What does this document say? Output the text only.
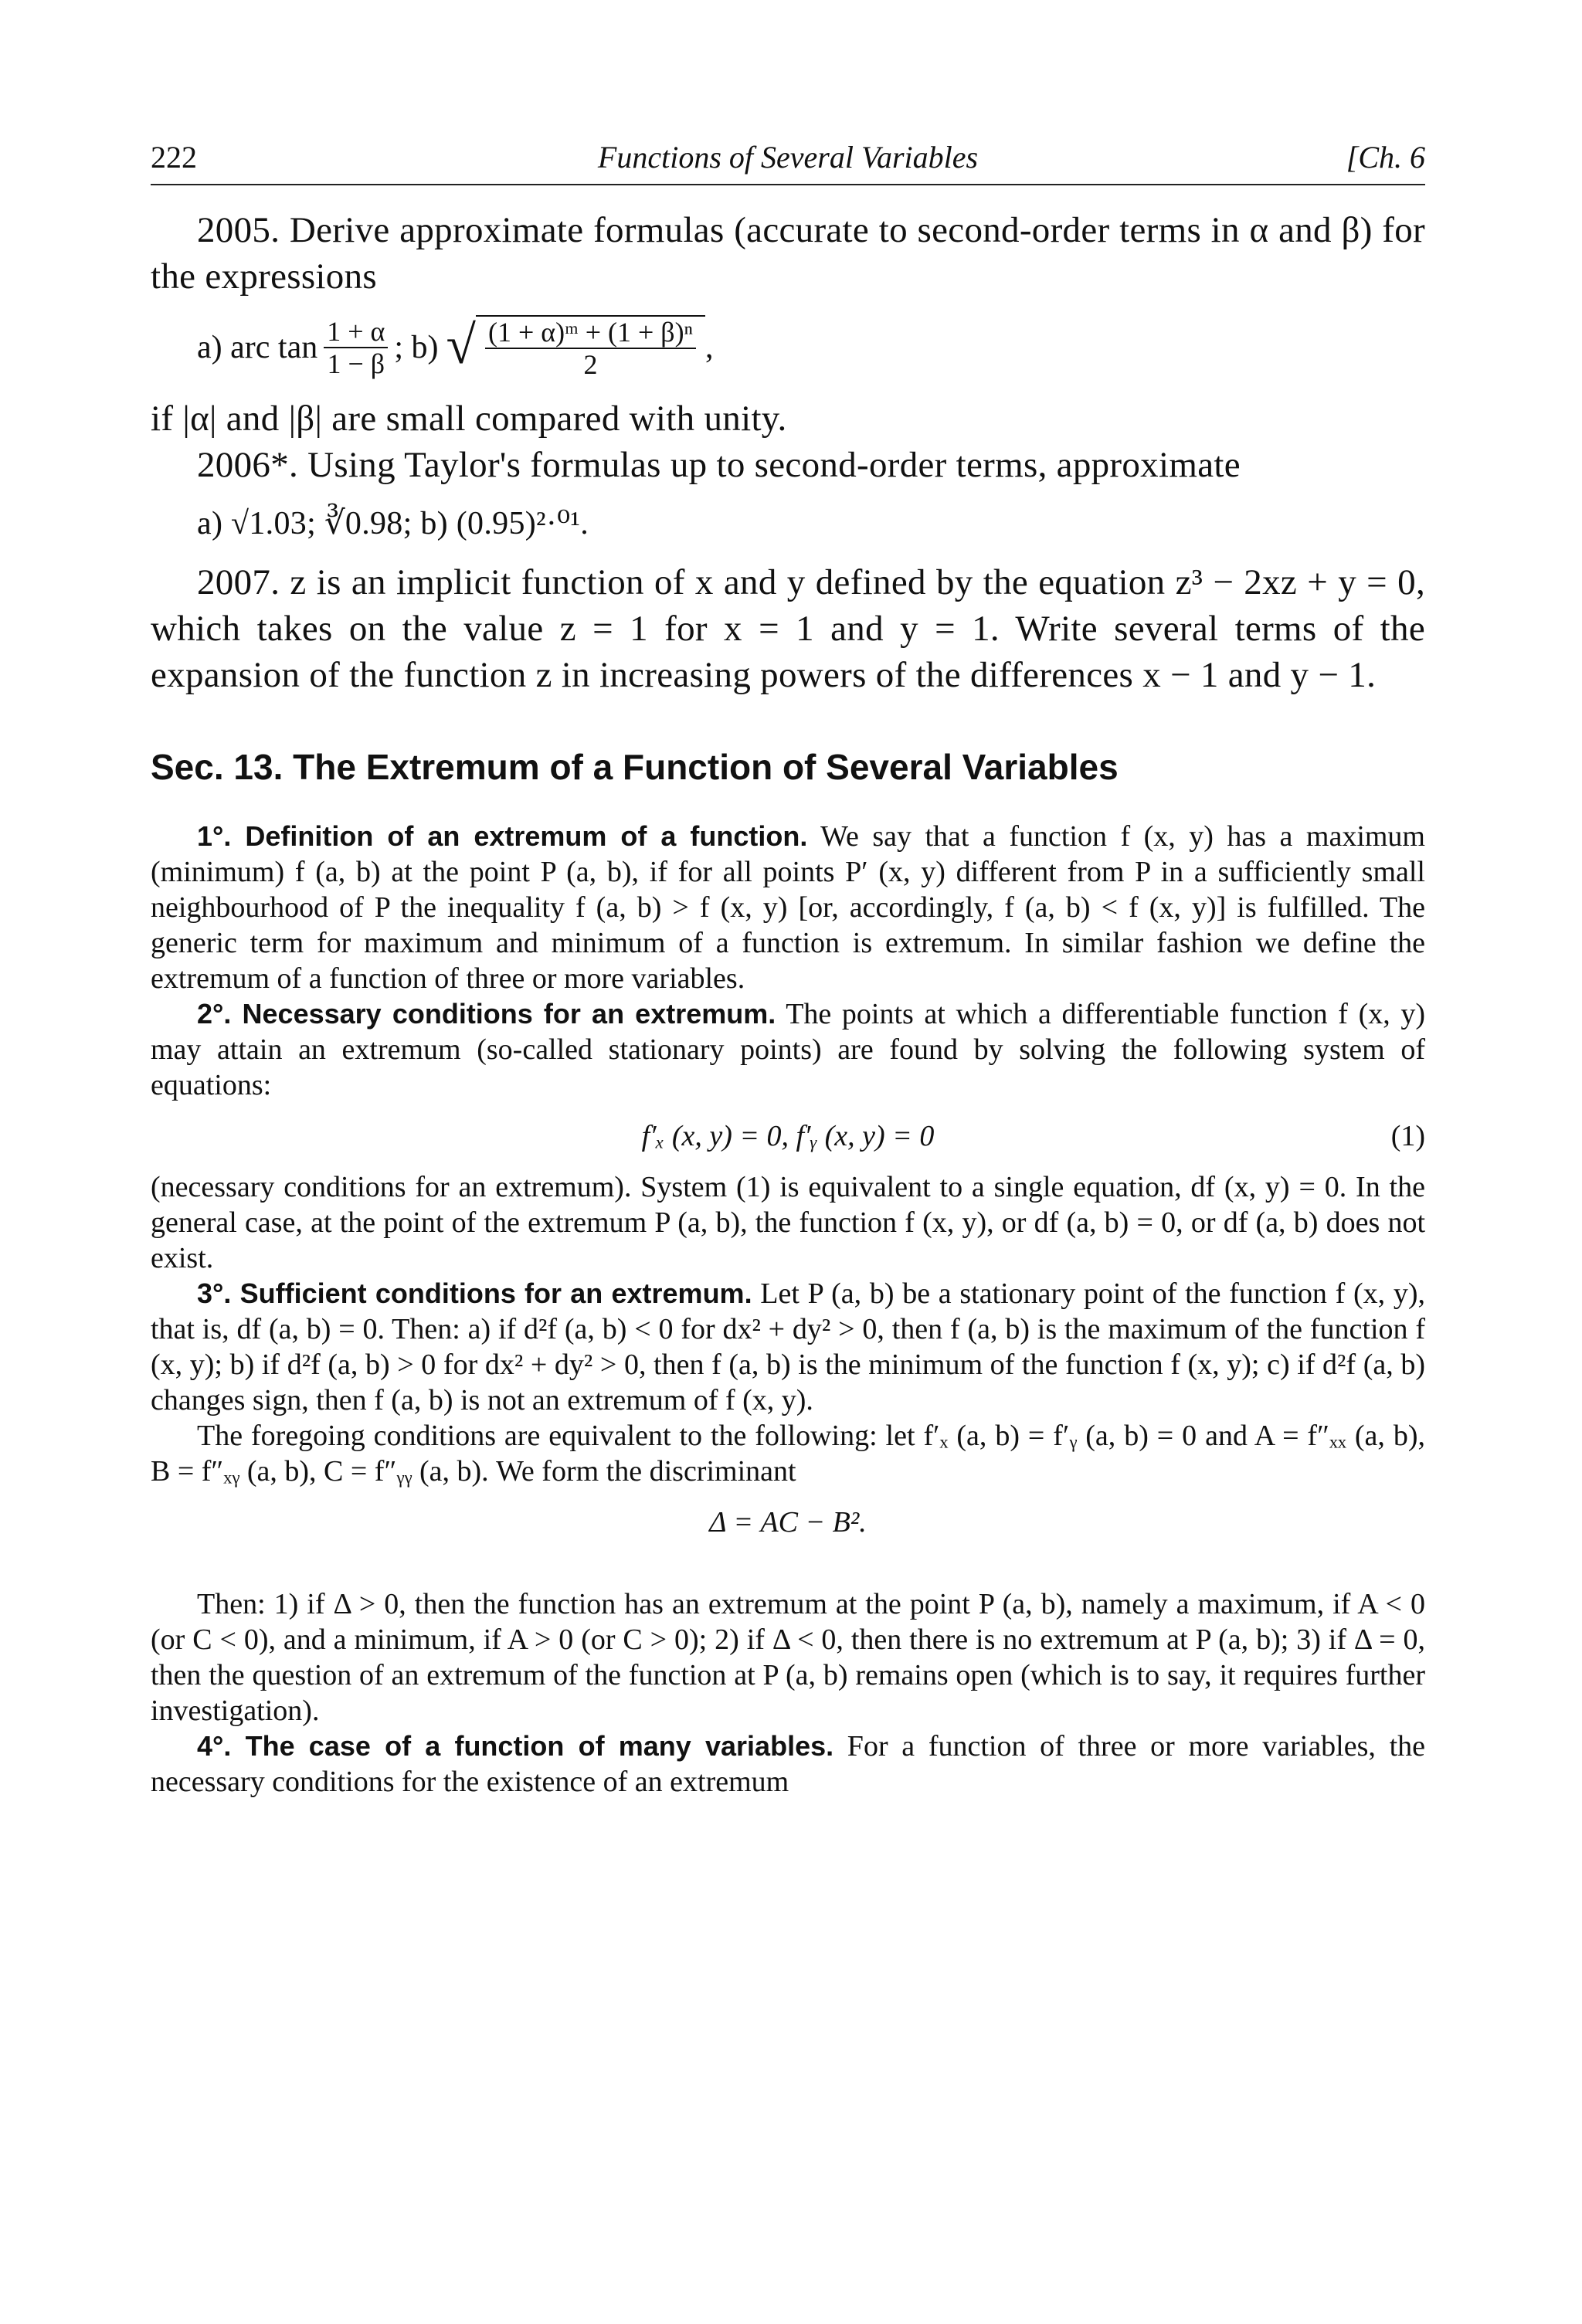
222	Functions of Several Variables	[Ch. 6

2005. Derive approximate formulas (accurate to second-order terms in α and β) for the expressions

a) arc $\tan \frac{1 + \alpha}{1 - \beta}$ ; b) √ $\frac{\text{(1 + α)ᵐ + (1 + β)ⁿ}}{2}$ ,

if |α| and |β| are small compared with unity.

2006*. Using Taylor's formulas up to second-order terms, approximate

a) √1.03; ∛0.98; b) (0.95)²·⁰¹.

2007. z is an implicit function of x and y defined by the equation z³ − 2xz + y = 0, which takes on the value z = 1 for x = 1 and y = 1. Write several terms of the expansion of the function z in increasing powers of the differences x − 1 and y − 1.

Sec. 13. The Extremum of a Function of Several Variables

1°. Definition of an extremum of a function. We say that a function f (x, y) has a maximum (minimum) f (a, b) at the point P (a, b), if for all points P′ (x, y) different from P in a sufficiently small neighbourhood of P the inequality f (a, b) > f (x, y) [or, accordingly, f (a, b) < f (x, y)] is fulfilled. The generic term for maximum and minimum of a function is extremum. In similar fashion we define the extremum of a function of three or more variables.

2°. Necessary conditions for an extremum. The points at which a differentiable function f (x, y) may attain an extremum (so-called stationary points) are found by solving the following system of equations:

f′ₓ (x, y) = 0, f′ᵧ (x, y) = 0	(1)

(necessary conditions for an extremum). System (1) is equivalent to a single equation, df (x, y) = 0. In the general case, at the point of the extremum P (a, b), the function f (x, y), or df (a, b) = 0, or df (a, b) does not exist.

3°. Sufficient conditions for an extremum. Let P (a, b) be a stationary point of the function f (x, y), that is, df (a, b) = 0. Then: a) if d²f (a, b) < 0 for dx² + dy² > 0, then f (a, b) is the maximum of the function f (x, y); b) if d²f (a, b) > 0 for dx² + dy² > 0, then f (a, b) is the minimum of the function f (x, y); c) if d²f (a, b) changes sign, then f (a, b) is not an extremum of f (x, y).

The foregoing conditions are equivalent to the following: let f′ₓ (a, b) = f′ᵧ (a, b) = 0 and A = f″ₓₓ (a, b), B = f″ₓᵧ (a, b), C = f″ᵧᵧ (a, b). We form the discriminant

Δ = AC − B².

Then: 1) if Δ > 0, then the function has an extremum at the point P (a, b), namely a maximum, if A < 0 (or C < 0), and a minimum, if A > 0 (or C > 0); 2) if Δ < 0, then there is no extremum at P (a, b); 3) if Δ = 0, then the question of an extremum of the function at P (a, b) remains open (which is to say, it requires further investigation).

4°. The case of a function of many variables. For a function of three or more variables, the necessary conditions for the existence of an extremum
